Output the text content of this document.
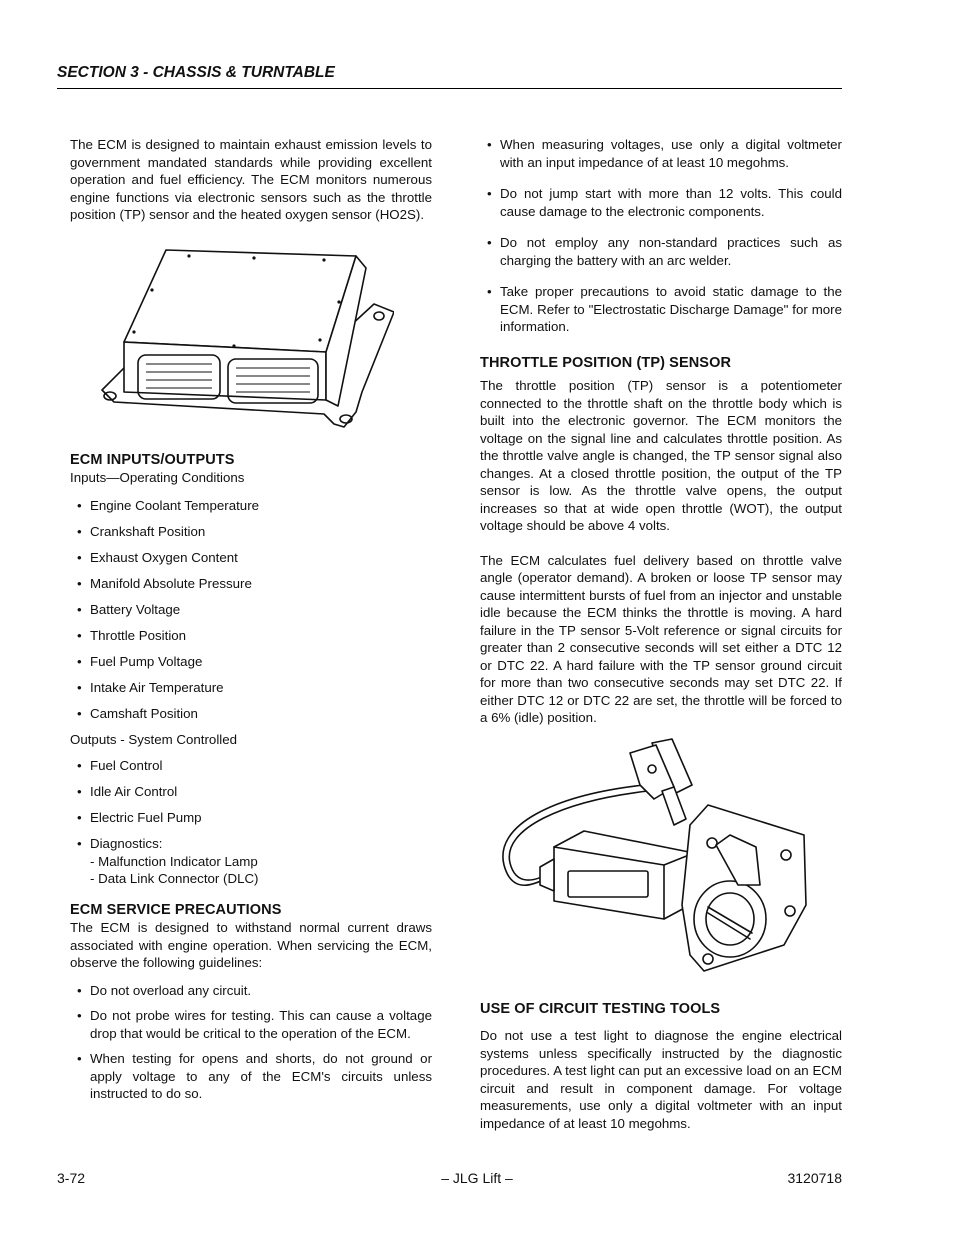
SECTION 3 - CHASSIS & TURNTABLE

The ECM is designed to maintain exhaust emission levels to government mandated standards while providing excellent operation and fuel efficiency. The ECM monitors numerous engine functions via electronic sensors such as the throttle position (TP) sensor and the heated oxygen sensor (HO2S).

ECM INPUTS/OUTPUTS

Inputs—Operating Conditions

• Engine Coolant Temperature
• Crankshaft Position
• Exhaust Oxygen Content
• Manifold Absolute Pressure
• Battery Voltage
• Throttle Position
• Fuel Pump Voltage
• Intake Air Temperature
• Camshaft Position

Outputs - System Controlled

• Fuel Control
• Idle Air Control
• Electric Fuel Pump
• Diagnostics:
- Malfunction Indicator Lamp
- Data Link Connector (DLC)
ECM SERVICE PRECAUTIONS

The ECM is designed to withstand normal current draws associated with engine operation. When servicing the ECM, observe the following guidelines:

• Do not overload any circuit.
• Do not probe wires for testing. This can cause a voltage drop that would be critical to the operation of the ECM.
• When testing for opens and shorts, do not ground or apply voltage to any of the ECM's circuits unless instructed to do so.
• When measuring voltages, use only a digital voltmeter with an input impedance of at least 10 megohms.
• Do not jump start with more than 12 volts. This could cause damage to the electronic components.
• Do not employ any non-standard practices such as charging the battery with an arc welder.
• Take proper precautions to avoid static damage to the ECM. Refer to "Electrostatic Discharge Damage" for more information.
THROTTLE POSITION (TP) SENSOR

The throttle position (TP) sensor is a potentiometer connected to the throttle shaft on the throttle body which is built into the electronic governor. The ECM monitors the voltage on the signal line and calculates throttle position. As the throttle valve angle is changed, the TP sensor signal also changes. At a closed throttle position, the output of the TP sensor is low. As the throttle valve opens, the output increases so that at wide open throttle (WOT), the output voltage should be above 4 volts.

The ECM calculates fuel delivery based on throttle valve angle (operator demand). A broken or loose TP sensor may cause intermittent bursts of fuel from an injector and unstable idle because the ECM thinks the throttle is moving. A hard failure in the TP sensor 5-Volt reference or signal circuits for greater than 2 consecutive seconds will set either a DTC 12 or DTC 22. A hard failure with the TP sensor ground circuit for more than two consecutive seconds may set DTC 22. If either DTC 12 or DTC 22 are set, the throttle will be forced to a 6% (idle) position.

USE OF CIRCUIT TESTING TOOLS

Do not use a test light to diagnose the engine electrical systems unless specifically instructed by the diagnostic procedures. A test light can put an excessive load on an ECM circuit and result in component damage. For voltage measurements, use only a digital voltmeter with an input impedance of at least 10 megohms.

3-72	– JLG Lift –	3120718
